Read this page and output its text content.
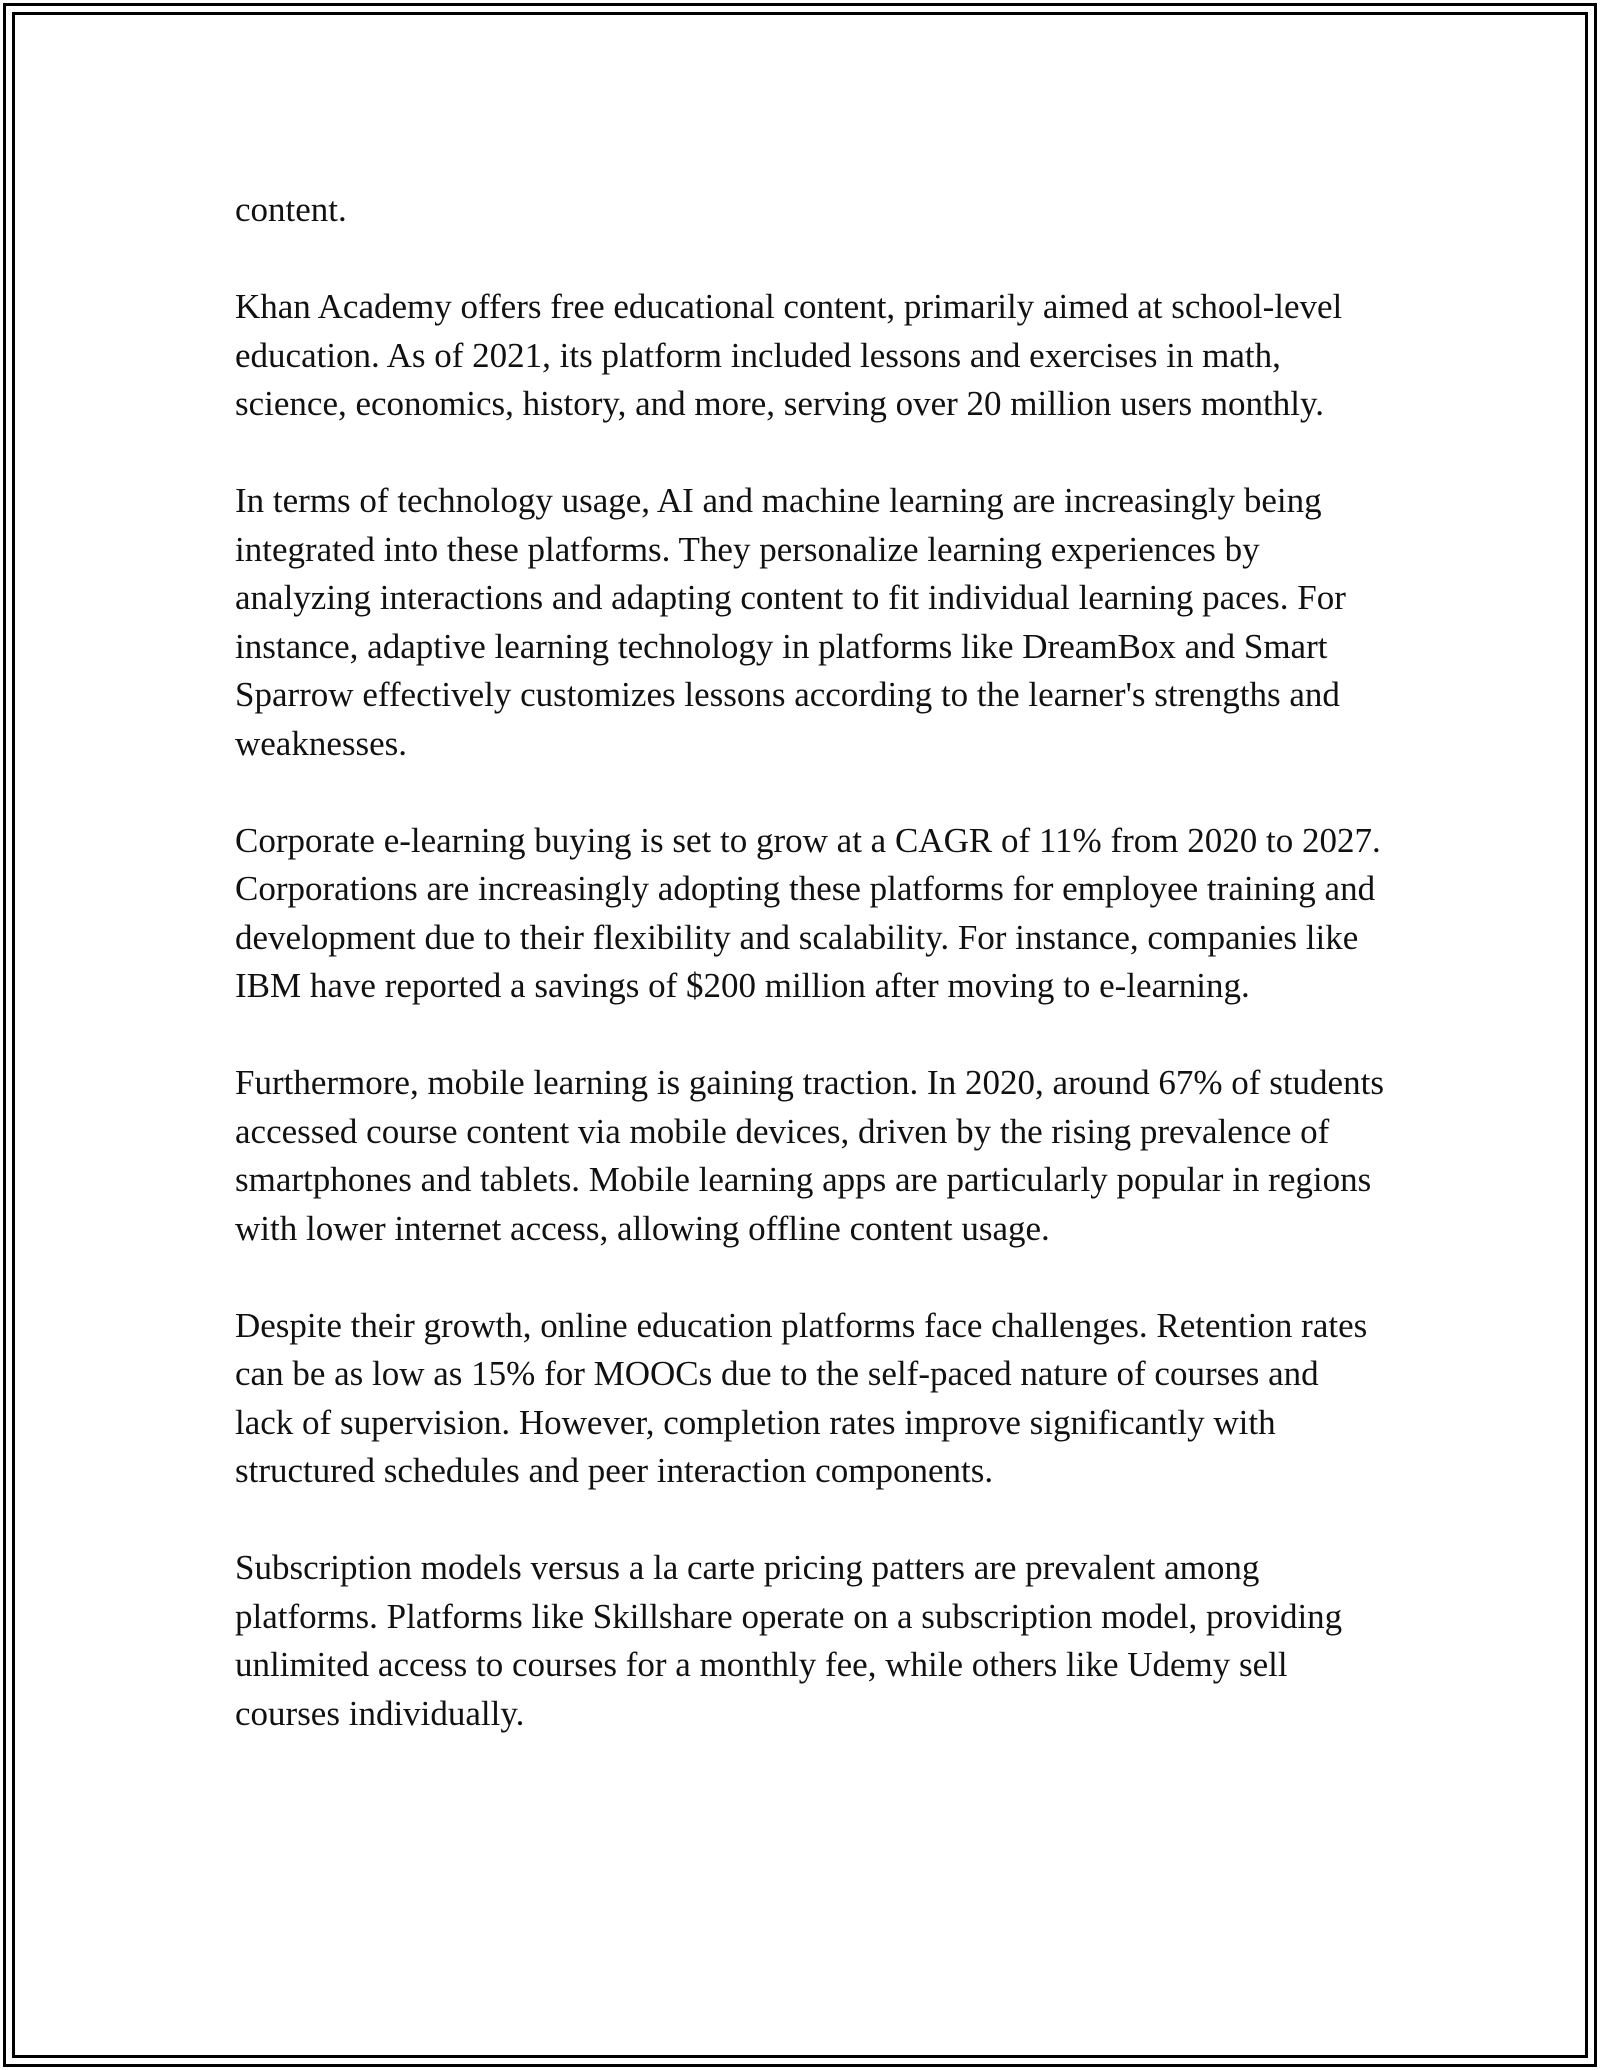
content.

Khan Academy offers free educational content, primarily aimed at school-level education. As of 2021, its platform included lessons and exercises in math, science, economics, history, and more, serving over 20 million users monthly.

In terms of technology usage, AI and machine learning are increasingly being integrated into these platforms. They personalize learning experiences by analyzing interactions and adapting content to fit individual learning paces. For instance, adaptive learning technology in platforms like DreamBox and Smart Sparrow effectively customizes lessons according to the learner's strengths and weaknesses.

Corporate e-learning buying is set to grow at a CAGR of 11% from 2020 to 2027. Corporations are increasingly adopting these platforms for employee training and development due to their flexibility and scalability. For instance, companies like IBM have reported a savings of $200 million after moving to e-learning.

Furthermore, mobile learning is gaining traction. In 2020, around 67% of students accessed course content via mobile devices, driven by the rising prevalence of smartphones and tablets. Mobile learning apps are particularly popular in regions with lower internet access, allowing offline content usage.

Despite their growth, online education platforms face challenges. Retention rates can be as low as 15% for MOOCs due to the self-paced nature of courses and lack of supervision. However, completion rates improve significantly with structured schedules and peer interaction components.

Subscription models versus a la carte pricing patters are prevalent among platforms. Platforms like Skillshare operate on a subscription model, providing unlimited access to courses for a monthly fee, while others like Udemy sell courses individually.
